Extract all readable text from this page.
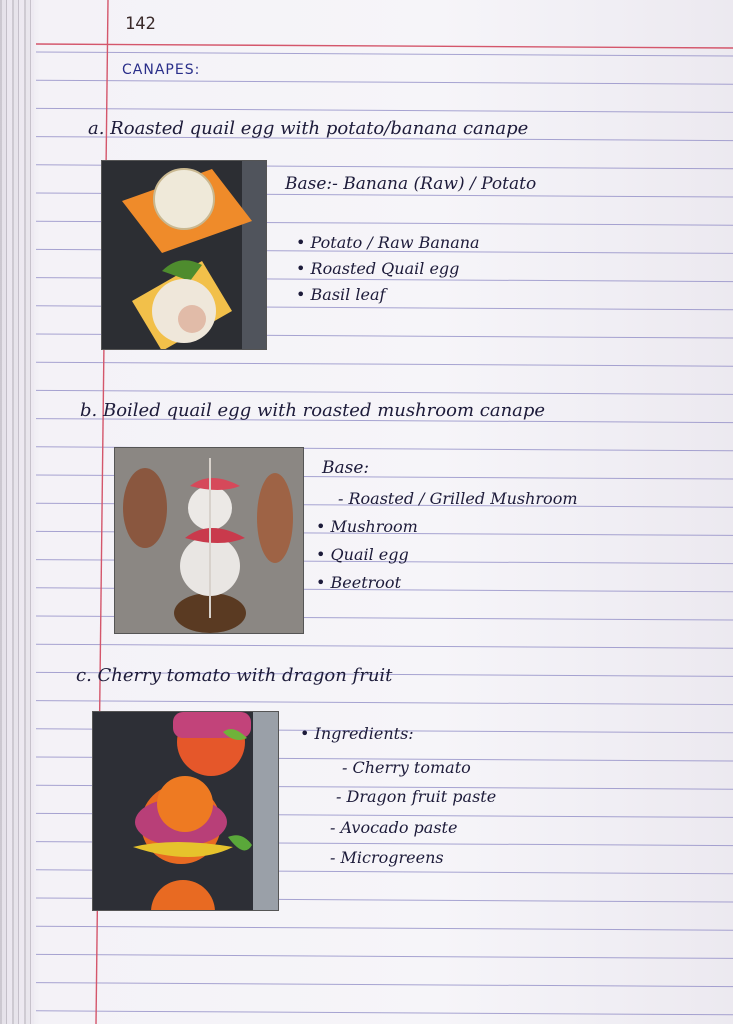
142
CANAPES:
a. Roasted quail egg with potato/banana canape
Base:- Banana (Raw) / Potato
• Potato / Raw Banana
• Roasted Quail egg
• Basil leaf
b. Boiled quail egg with roasted mushroom canape
Base:
- Roasted / Grilled Mushroom
• Mushroom
• Quail egg
• Beetroot
c. Cherry tomato with dragon fruit
• Ingredients:
- Cherry tomato
- Dragon fruit paste
- Avocado paste
- Microgreens
